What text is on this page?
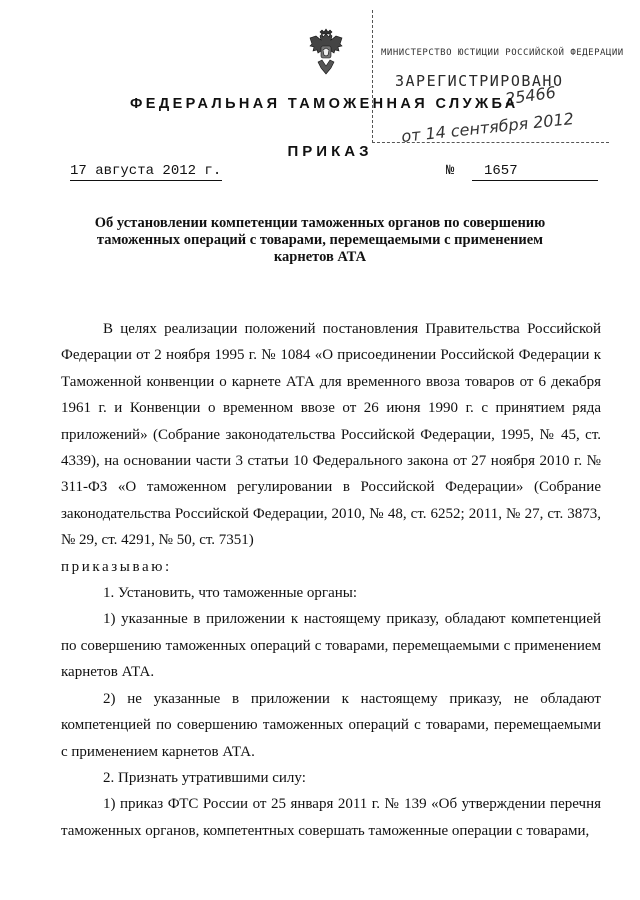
МИНИСТЕРСТВО ЮСТИЦИИ РОССИЙСКОЙ ФЕДЕРАЦИИ
ЗАРЕГИСТРИРОВАНО
25466
от 14 сентября 2012
ФЕДЕРАЛЬНАЯ ТАМОЖЕННАЯ СЛУЖБА
ПРИКАЗ
17 августа 2012 г.	№ 1657
Об установлении компетенции таможенных органов по совершению
таможенных операций с товарами, перемещаемыми с применением
карнетов АТА

В целях реализации положений постановления Правительства Российской Федерации от 2 ноября 1995 г. № 1084 «О присоединении Российской Федерации к Таможенной конвенции о карнете АТА для временного ввоза товаров от 6 декабря 1961 г. и Конвенции о временном ввозе от 26 июня 1990 г. с принятием ряда приложений» (Собрание законодательства Российской Федерации, 1995, № 45, ст. 4339), на основании части 3 статьи 10 Федерального закона от 27 ноября 2010 г. № 311-ФЗ «О таможенном регулировании в Российской Федерации» (Собрание законодательства Российской Федерации, 2010, № 48, ст. 6252; 2011, № 27, ст. 3873, № 29, ст. 4291, № 50, ст. 7351)

приказываю:

1. Установить, что таможенные органы:

1) указанные в приложении к настоящему приказу, обладают компетенцией по совершению таможенных операций с товарами, перемещаемыми с применением карнетов АТА.

2) не указанные в приложении к настоящему приказу, не обладают компетенцией по совершению таможенных операций с товарами, перемещаемыми с применением карнетов АТА.

2. Признать утратившими силу:

1) приказ ФТС России от 25 января 2011 г. № 139 «Об утверждении перечня таможенных органов, компетентных совершать таможенные операции с товарами,
